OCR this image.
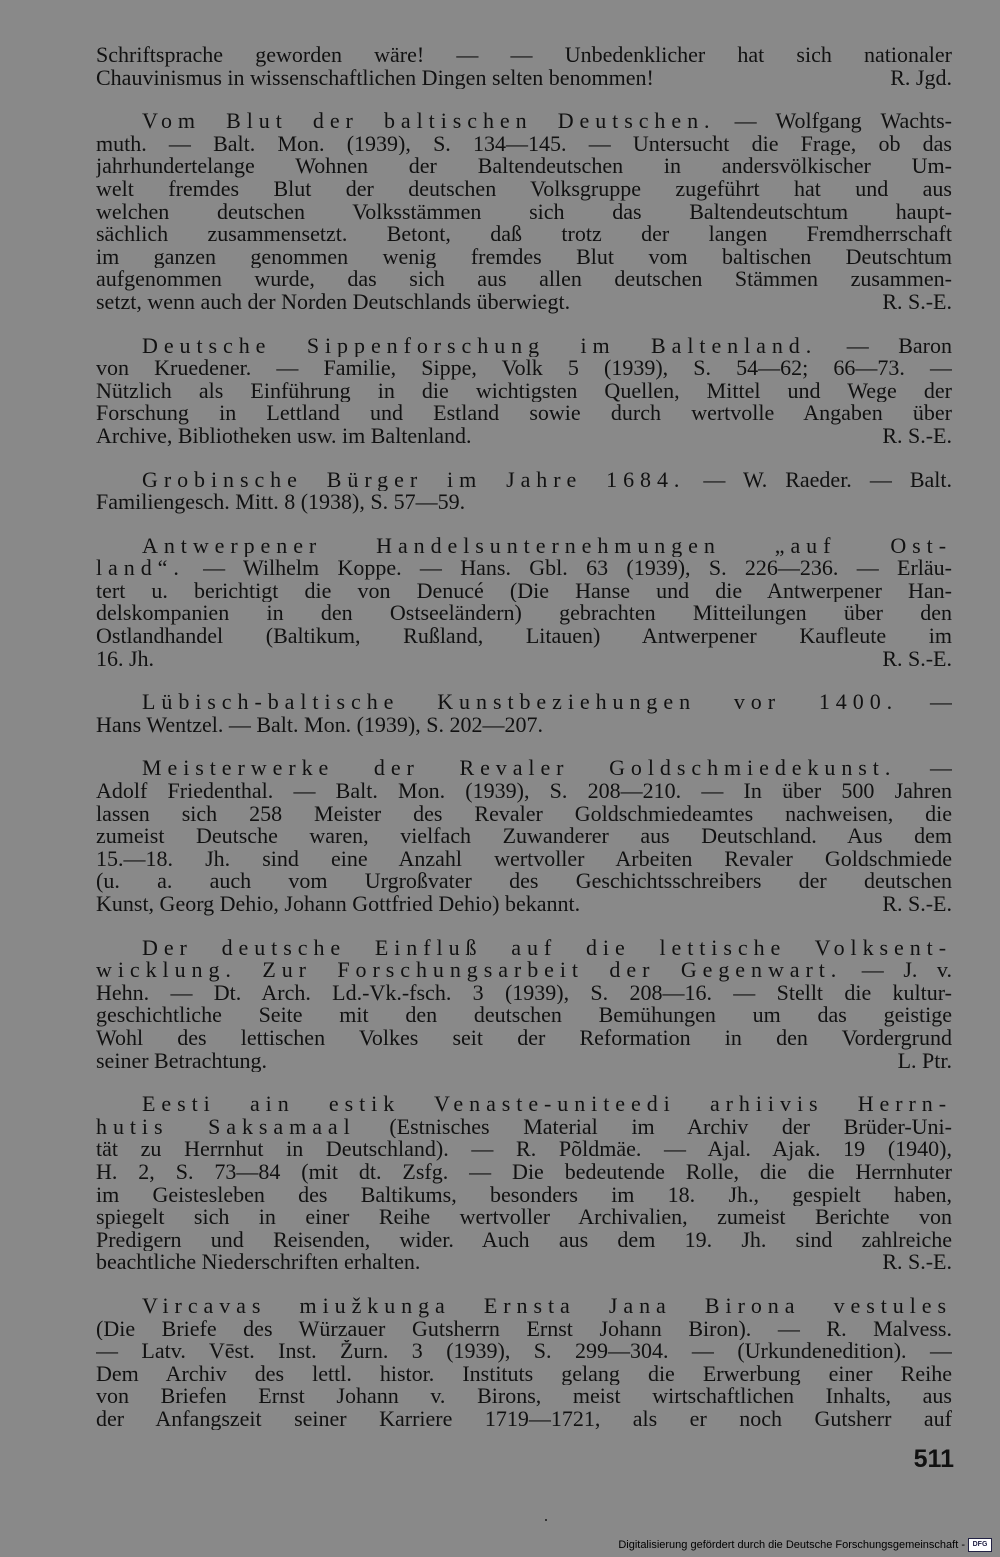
Schriftsprache geworden wäre! — — Unbedenklicher hat sich nationaler

Chauvinismus in wissenschaftlichen Dingen selten benommen!	R. Jgd.

Vom Blut der baltischen Deutschen. — Wolfgang Wachts-

muth. — Balt. Mon. (1939), S. 134—145. — Untersucht die Frage, ob das

jahrhundertelange Wohnen der Baltendeutschen in andersvölkischer Um-

welt fremdes Blut der deutschen Volksgruppe zugeführt hat und aus

welchen deutschen Volksstämmen sich das Baltendeutschtum haupt-

sächlich zusammensetzt. Betont, daß trotz der langen Fremdherrschaft

im ganzen genommen wenig fremdes Blut vom baltischen Deutschtum

aufgenommen wurde, das sich aus allen deutschen Stämmen zusammen-

setzt, wenn auch der Norden Deutschlands überwiegt.	R. S.-E.

Deutsche Sippenforschung im Baltenland. — Baron

von Kruedener. — Familie, Sippe, Volk 5 (1939), S. 54—62; 66—73. —

Nützlich als Einführung in die wichtigsten Quellen, Mittel und Wege der

Forschung in Lettland und Estland sowie durch wertvolle Angaben über

Archive, Bibliotheken usw. im Baltenland.	R. S.-E.

Grobinsche Bürger im Jahre 1684. — W. Raeder. — Balt.

Familiengesch. Mitt. 8 (1938), S. 57—59.

Antwerpener Handelsunternehmungen „auf Ost-

land“. — Wilhelm Koppe. — Hans. Gbl. 63 (1939), S. 226—236. — Erläu-

tert u. berichtigt die von Denucé (Die Hanse und die Antwerpener Han-

delskompanien in den Ostseeländern) gebrachten Mitteilungen über den

Ostlandhandel (Baltikum, Rußland, Litauen) Antwerpener Kaufleute im

16. Jh.	R. S.-E.

Lübisch-baltische Kunstbeziehungen vor 1400. —

Hans Wentzel. — Balt. Mon. (1939), S. 202—207.

Meisterwerke der Revaler Goldschmiedekunst. —

Adolf Friedenthal. — Balt. Mon. (1939), S. 208—210. — In über 500 Jahren

lassen sich 258 Meister des Revaler Goldschmiedeamtes nachweisen, die

zumeist Deutsche waren, vielfach Zuwanderer aus Deutschland. Aus dem

15.—18. Jh. sind eine Anzahl wertvoller Arbeiten Revaler Goldschmiede

(u. a. auch vom Urgroßvater des Geschichtsschreibers der deutschen

Kunst, Georg Dehio, Johann Gottfried Dehio) bekannt.	R. S.-E.

Der deutsche Einfluß auf die lettische Volksent-

wicklung. Zur Forschungsarbeit der Gegenwart. — J. v.

Hehn. — Dt. Arch. Ld.-Vk.-fsch. 3 (1939), S. 208—16. — Stellt die kultur-

geschichtliche Seite mit den deutschen Bemühungen um das geistige

Wohl des lettischen Volkes seit der Reformation in den Vordergrund

seiner Betrachtung.	L. Ptr.

Eesti ain estik Venaste-uniteedi arhiivis Herrn-

hutis Saksamaal (Estnisches Material im Archiv der Brüder-Uni-

tät zu Herrnhut in Deutschland). — R. Põldmäe. — Ajal. Ajak. 19 (1940),

H. 2, S. 73—84 (mit dt. Zsfg. — Die bedeutende Rolle, die die Herrnhuter

im Geistesleben des Baltikums, besonders im 18. Jh., gespielt haben,

spiegelt sich in einer Reihe wertvoller Archivalien, zumeist Berichte von

Predigern und Reisenden, wider. Auch aus dem 19. Jh. sind zahlreiche

beachtliche Niederschriften erhalten.	R. S.-E.

Vircavas miužkunga Ernsta Jana Birona vestules

(Die Briefe des Würzauer Gutsherrn Ernst Johann Biron). — R. Malvess.

— Latv. Vēst. Inst. Žurn. 3 (1939), S. 299—304. — (Urkundenedition). —

Dem Archiv des lettl. histor. Instituts gelang die Erwerbung einer Reihe

von Briefen Ernst Johann v. Birons, meist wirtschaftlichen Inhalts, aus

der Anfangszeit seiner Karriere 1719—1721, als er noch Gutsherr auf

511
Digitalisierung gefördert durch die Deutsche Forschungsgemeinschaft -	DFG
